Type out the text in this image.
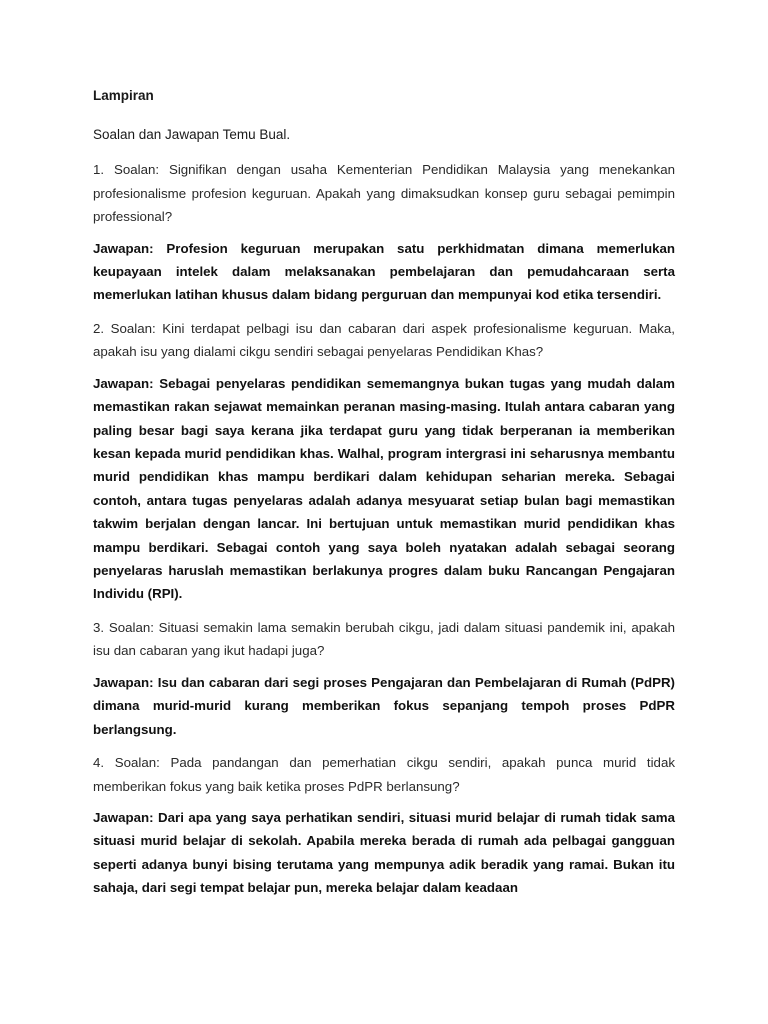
Lampiran

Soalan dan Jawapan Temu Bual.

1. Soalan: Signifikan dengan usaha Kementerian Pendidikan Malaysia yang menekankan profesionalisme profesion keguruan. Apakah yang dimaksudkan konsep guru sebagai pemimpin professional?

Jawapan: Profesion keguruan merupakan satu perkhidmatan dimana memerlukan keupayaan intelek dalam melaksanakan pembelajaran dan pemudahcaraan serta memerlukan latihan khusus dalam bidang perguruan dan mempunyai kod etika tersendiri.

2. Soalan: Kini terdapat pelbagi isu dan cabaran dari aspek profesionalisme keguruan. Maka, apakah isu yang dialami cikgu sendiri sebagai penyelaras Pendidikan Khas?

Jawapan: Sebagai penyelaras pendidikan sememangnya bukan tugas yang mudah dalam memastikan rakan sejawat memainkan peranan masing-masing. Itulah antara cabaran yang paling besar bagi saya kerana jika terdapat guru yang tidak berperanan ia memberikan kesan kepada murid pendidikan khas. Walhal, program intergrasi ini seharusnya membantu murid pendidikan khas mampu berdikari dalam kehidupan seharian mereka. Sebagai contoh, antara tugas penyelaras adalah adanya mesyuarat setiap bulan bagi memastikan takwim berjalan dengan lancar. Ini bertujuan untuk memastikan murid pendidikan khas mampu berdikari. Sebagai contoh yang saya boleh nyatakan adalah sebagai seorang penyelaras haruslah memastikan berlakunya progres dalam buku Rancangan Pengajaran Individu (RPI).

3. Soalan: Situasi semakin lama semakin berubah cikgu, jadi dalam situasi pandemik ini, apakah isu dan cabaran yang ikut hadapi juga?

Jawapan: Isu dan cabaran dari segi proses Pengajaran dan Pembelajaran di Rumah (PdPR) dimana murid-murid kurang memberikan fokus sepanjang tempoh proses PdPR berlangsung.

4. Soalan: Pada pandangan dan pemerhatian cikgu sendiri, apakah punca murid tidak memberikan fokus yang baik ketika proses PdPR berlansung?

Jawapan: Dari apa yang saya perhatikan sendiri, situasi murid belajar di rumah tidak sama situasi murid belajar di sekolah. Apabila mereka berada di rumah ada pelbagai gangguan seperti adanya bunyi bising terutama yang mempunya adik beradik yang ramai. Bukan itu sahaja, dari segi tempat belajar pun, mereka belajar dalam keadaan
